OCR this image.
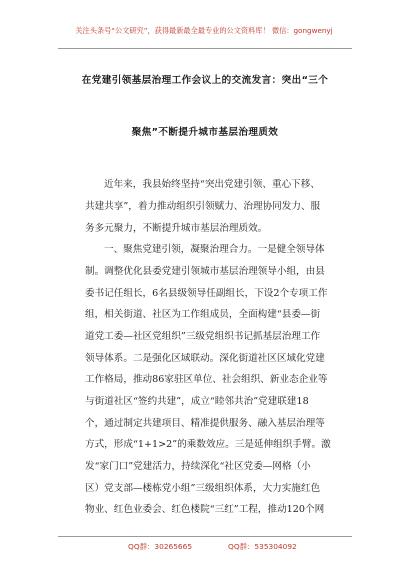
关注头条号“公文研究”，获得最新最全最专业的公文资料库！ 微信：gongwenyj
在党建引领基层治理工作会议上的交流发言：突出“三个
聚焦”不断提升城市基层治理质效
近年来，我县始终坚持“突出党建引领、重心下移、
共建共享”，着力推动组织引领赋力、治理协同发力、服
务多元聚力，不断提升城市基层治理质效。
一、聚焦党建引领，凝聚治理合力。一是健全领导体
制。调整优化县委党建引领城市基层治理领导小组，由县
委书记任组长，6名县级领导任副组长，下设2个专项工作
组，相关街道、社区为工作组成员，全面构建“县委—街
道党工委—社区党组织”三级党组织书记抓基层治理工作
领导体系。二是强化区域联动。深化街道社区区域化党建
工作格局，推动86家驻区单位、社会组织、新业态企业等
与街道社区“签约共建”，成立“睦邻共治”党建联建18
个，通过制定共建项目、精准提供服务、融入基层治理等
方式，形成“1+1>2”的乘数效应。三是延伸组织手臂。激
发“家门口”党建活力，持续深化“社区党委—网格（小
区）党支部—楼栋党小组”三级组织体系，大力实施红色
物业、红色业委会、红色楼院“三红”工程，推动120个网
QQ群：30265665	QQ群：535304092
